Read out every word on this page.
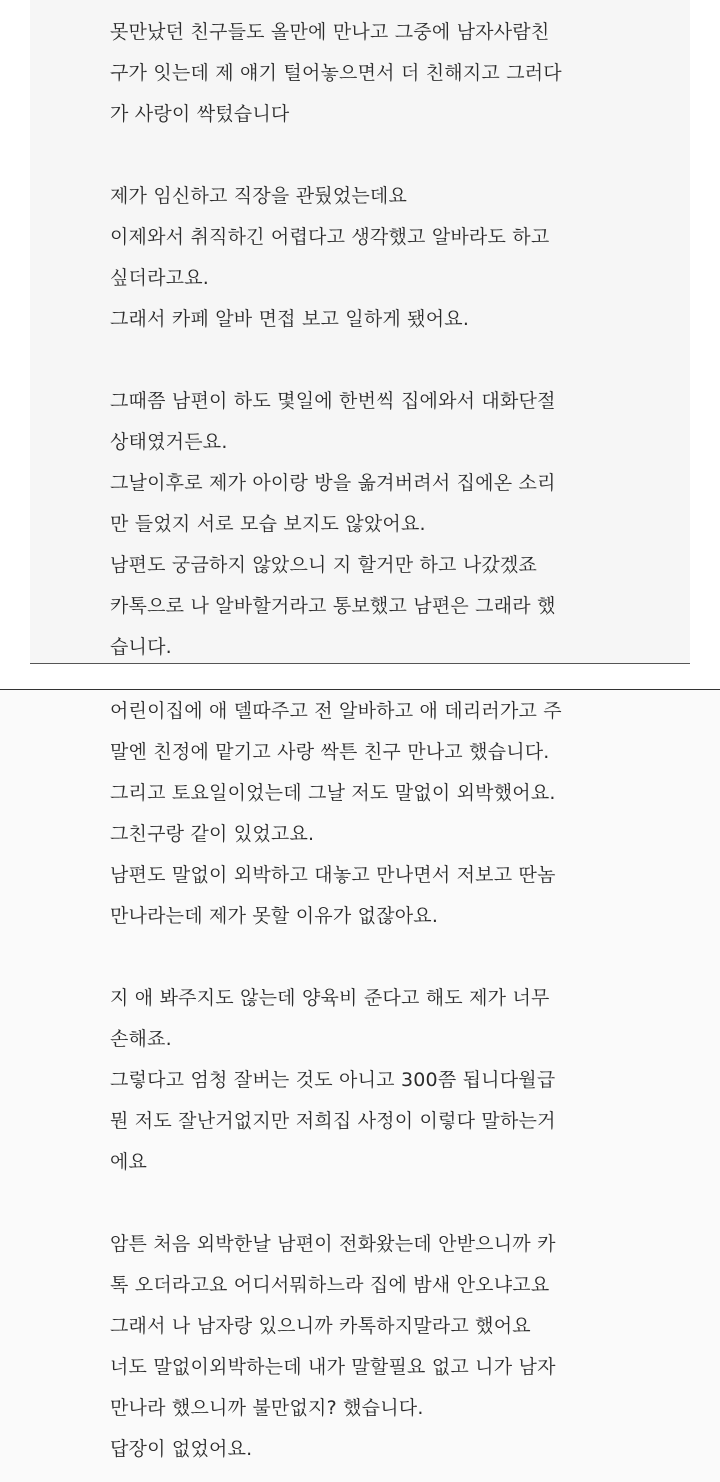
못만났던 친구들도 올만에 만나고 그중에 남자사람친
구가 잇는데 제 얘기 털어놓으면서 더 친해지고 그러다
가 사랑이 싹텄습니다
제가 임신하고 직장을 관뒀었는데요
이제와서 취직하긴 어렵다고 생각했고 알바라도 하고
싶더라고요.
그래서 카페 알바 면접 보고 일하게 됐어요.
그때쯤 남편이 하도 몇일에 한번씩 집에와서 대화단절
상태였거든요.
그날이후로 제가 아이랑 방을 옮겨버려서 집에온 소리
만 들었지 서로 모습 보지도 않았어요.
남편도 궁금하지 않았으니 지 할거만 하고 나갔겠죠
카톡으로 나 알바할거라고 통보했고 남편은 그래라 했
습니다.
어린이집에 애 델따주고 전 알바하고 애 데리러가고 주
말엔 친정에 맡기고 사랑 싹튼 친구 만나고 했습니다.
그리고 토요일이었는데 그날 저도 말없이 외박했어요.
그친구랑 같이 있었고요.
남편도 말없이 외박하고 대놓고 만나면서 저보고 딴놈
만나라는데 제가 못할 이유가 없잖아요.
지 애 봐주지도 않는데 양육비 준다고 해도 제가 너무
손해죠.
그렇다고 엄청 잘버는 것도 아니고 300쯤 됩니다월급
뭔 저도 잘난거없지만 저희집 사정이 이렇다 말하는거
에요
암튼 처음 외박한날 남편이 전화왔는데 안받으니까 카
톡 오더라고요 어디서뭐하느라 집에 밤새 안오냐고요
그래서 나 남자랑 있으니까 카톡하지말라고 했어요
너도 말없이외박하는데 내가 말할필요 없고 니가 남자
만나라 했으니까 불만없지? 했습니다.
답장이 없었어요.
